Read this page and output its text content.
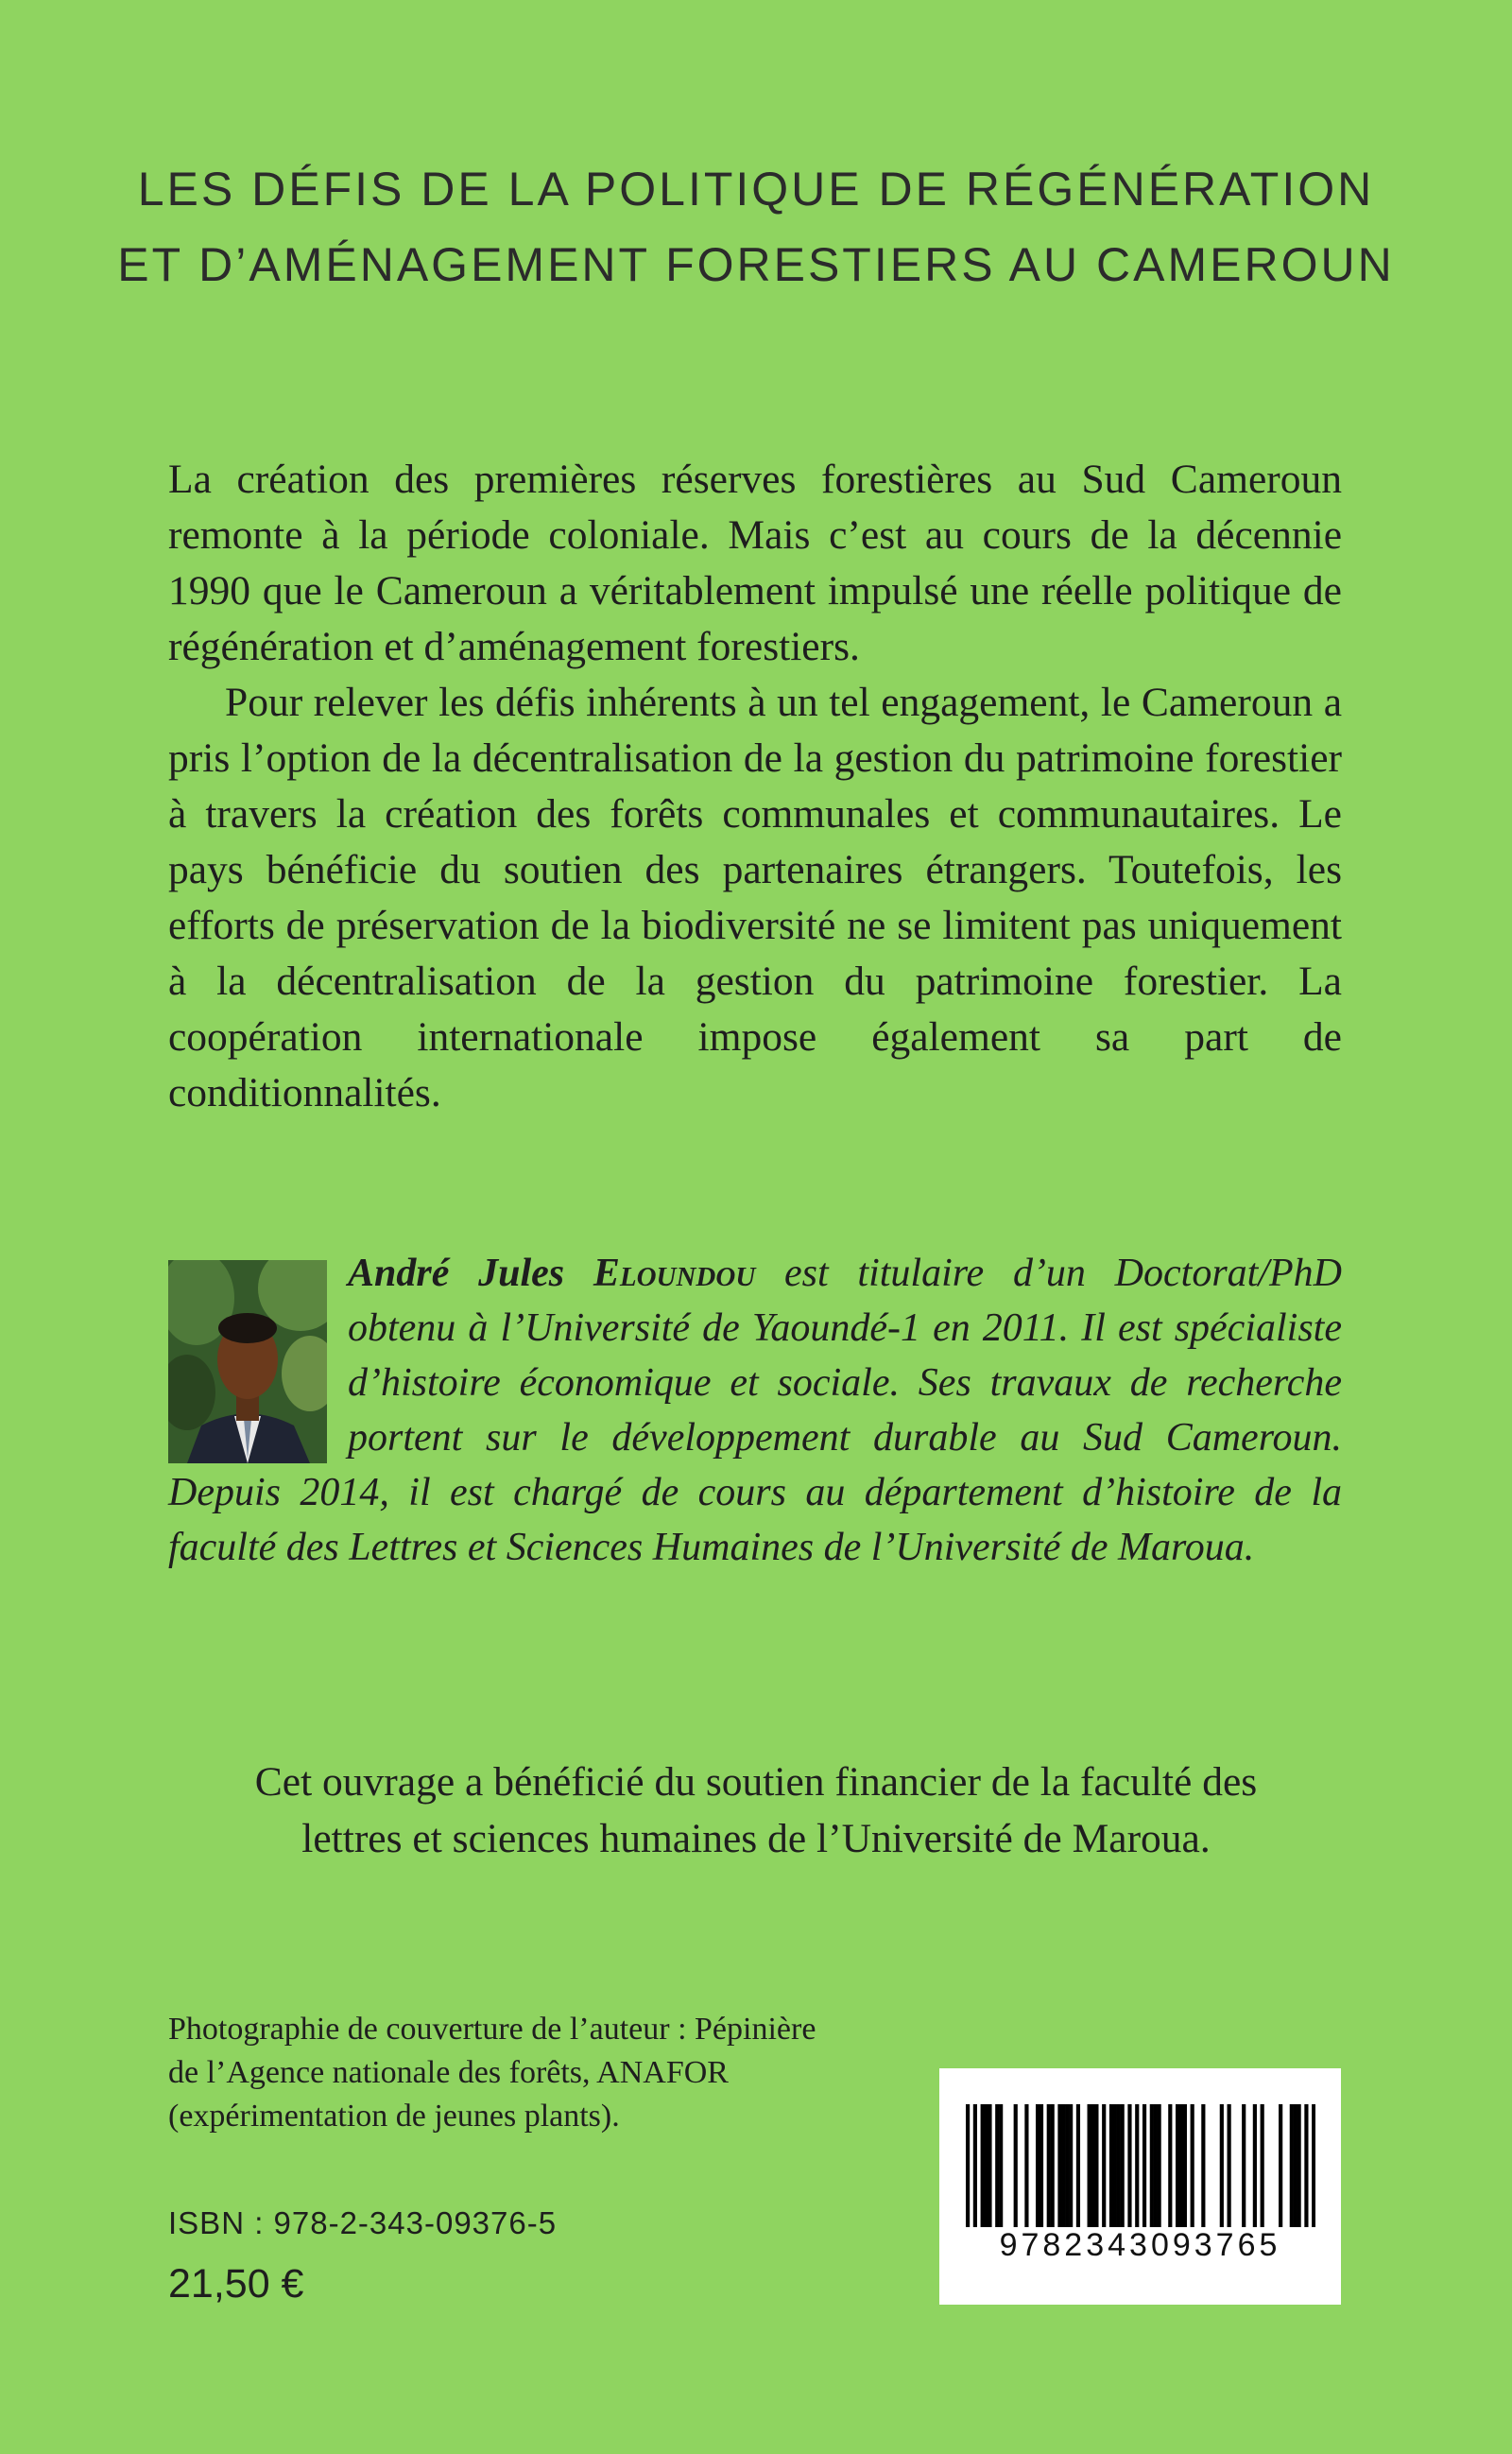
LES DÉFIS DE LA POLITIQUE DE RÉGÉNÉRATION
ET D’AMÉNAGEMENT FORESTIERS AU CAMEROUN

La création des premières réserves forestières au Sud Cameroun remonte à la période coloniale. Mais c’est au cours de la décennie 1990 que le Cameroun a véritablement impulsé une réelle politique de régénération et d’aménagement forestiers.

Pour relever les défis inhérents à un tel engagement, le Cameroun a pris l’option de la décentralisation de la gestion du patrimoine forestier à travers la création des forêts communales et communautaires. Le pays bénéficie du soutien des partenaires étrangers. Toutefois, les efforts de préservation de la biodiversité ne se limitent pas uniquement à la décentralisation de la gestion du patrimoine forestier. La coopération internationale impose également sa part de conditionnalités.

André Jules Eloundou est titulaire d’un Doctorat/PhD obtenu à l’Université de Yaoundé-1 en 2011. Il est spécialiste d’histoire économique et sociale. Ses travaux de recherche portent sur le développement durable au Sud Cameroun. Depuis 2014, il est chargé de cours au département d’histoire de la faculté des Lettres et Sciences Humaines de l’Université de Maroua.
Cet ouvrage a bénéficié du soutien financier de la faculté des
lettres et sciences humaines de l’Université de Maroua.
Photographie de couverture de l’auteur : Pépinière
de l’Agence nationale des forêts, ANAFOR
(expérimentation de jeunes plants).
ISBN : 978-2-343-09376-5
21,50 €
9782343093765
